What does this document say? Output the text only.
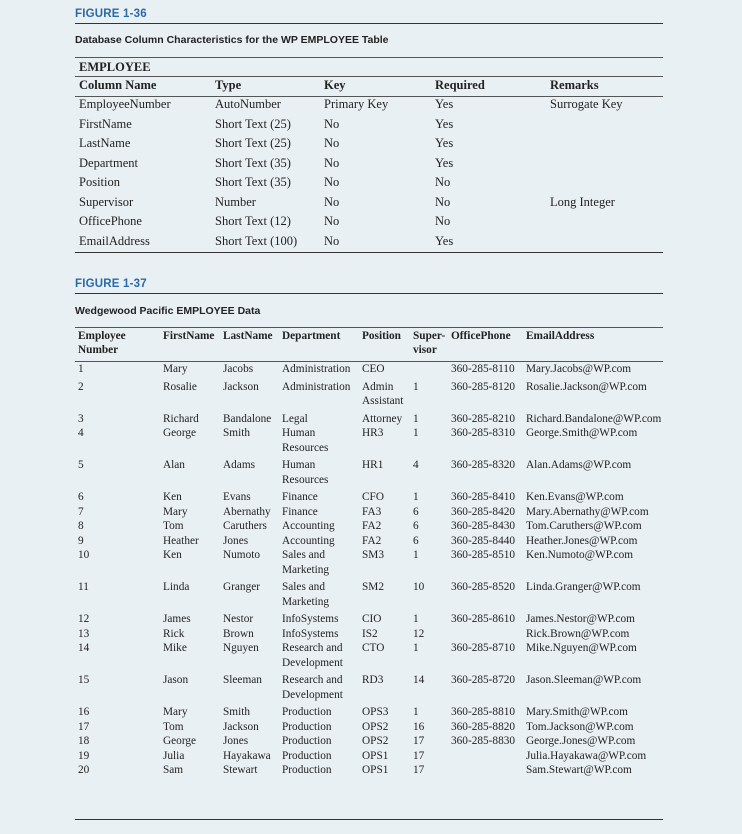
FIGURE 1-36
Database Column Characteristics for the WP EMPLOYEE Table
EMPLOYEE
Column Name	Type	Key	Required	Remarks
EmployeeNumber	AutoNumber	Primary Key	Yes	Surrogate Key
FirstName	Short Text (25)	No	Yes	
LastName	Short Text (25)	No	Yes	
Department	Short Text (35)	No	Yes	
Position	Short Text (35)	No	No	
Supervisor	Number	No	No	Long Integer
OfficePhone	Short Text (12)	No	No	
EmailAddress	Short Text (100)	No	Yes	
FIGURE 1-37
Wedgewood Pacific EMPLOYEE Data
Employee
Number	FirstName	LastName	Department	Position	Super-
visor	OfficePhone	EmailAddress
1	Mary	Jacobs	Administration	CEO		360-285-8110	Mary.Jacobs@WP.com
2	Rosalie	Jackson	Administration	Admin Assistant	1	360-285-8120	Rosalie.Jackson@WP.com
3	Richard	Bandalone	Legal	Attorney	1	360-285-8210	Richard.Bandalone@WP.com
4	George	Smith	Human Resources	HR3	1	360-285-8310	George.Smith@WP.com
5	Alan	Adams	Human Resources	HR1	4	360-285-8320	Alan.Adams@WP.com
6	Ken	Evans	Finance	CFO	1	360-285-8410	Ken.Evans@WP.com
7	Mary	Abernathy	Finance	FA3	6	360-285-8420	Mary.Abernathy@WP.com
8	Tom	Caruthers	Accounting	FA2	6	360-285-8430	Tom.Caruthers@WP.com
9	Heather	Jones	Accounting	FA2	6	360-285-8440	Heather.Jones@WP.com
10	Ken	Numoto	Sales and Marketing	SM3	1	360-285-8510	Ken.Numoto@WP.com
11	Linda	Granger	Sales and Marketing	SM2	10	360-285-8520	Linda.Granger@WP.com
12	James	Nestor	InfoSystems	CIO	1	360-285-8610	James.Nestor@WP.com
13	Rick	Brown	InfoSystems	IS2	12		Rick.Brown@WP.com
14	Mike	Nguyen	Research and Development	CTO	1	360-285-8710	Mike.Nguyen@WP.com
15	Jason	Sleeman	Research and Development	RD3	14	360-285-8720	Jason.Sleeman@WP.com
16	Mary	Smith	Production	OPS3	1	360-285-8810	Mary.Smith@WP.com
17	Tom	Jackson	Production	OPS2	16	360-285-8820	Tom.Jackson@WP.com
18	George	Jones	Production	OPS2	17	360-285-8830	George.Jones@WP.com
19	Julia	Hayakawa	Production	OPS1	17		Julia.Hayakawa@WP.com
20	Sam	Stewart	Production	OPS1	17		Sam.Stewart@WP.com
